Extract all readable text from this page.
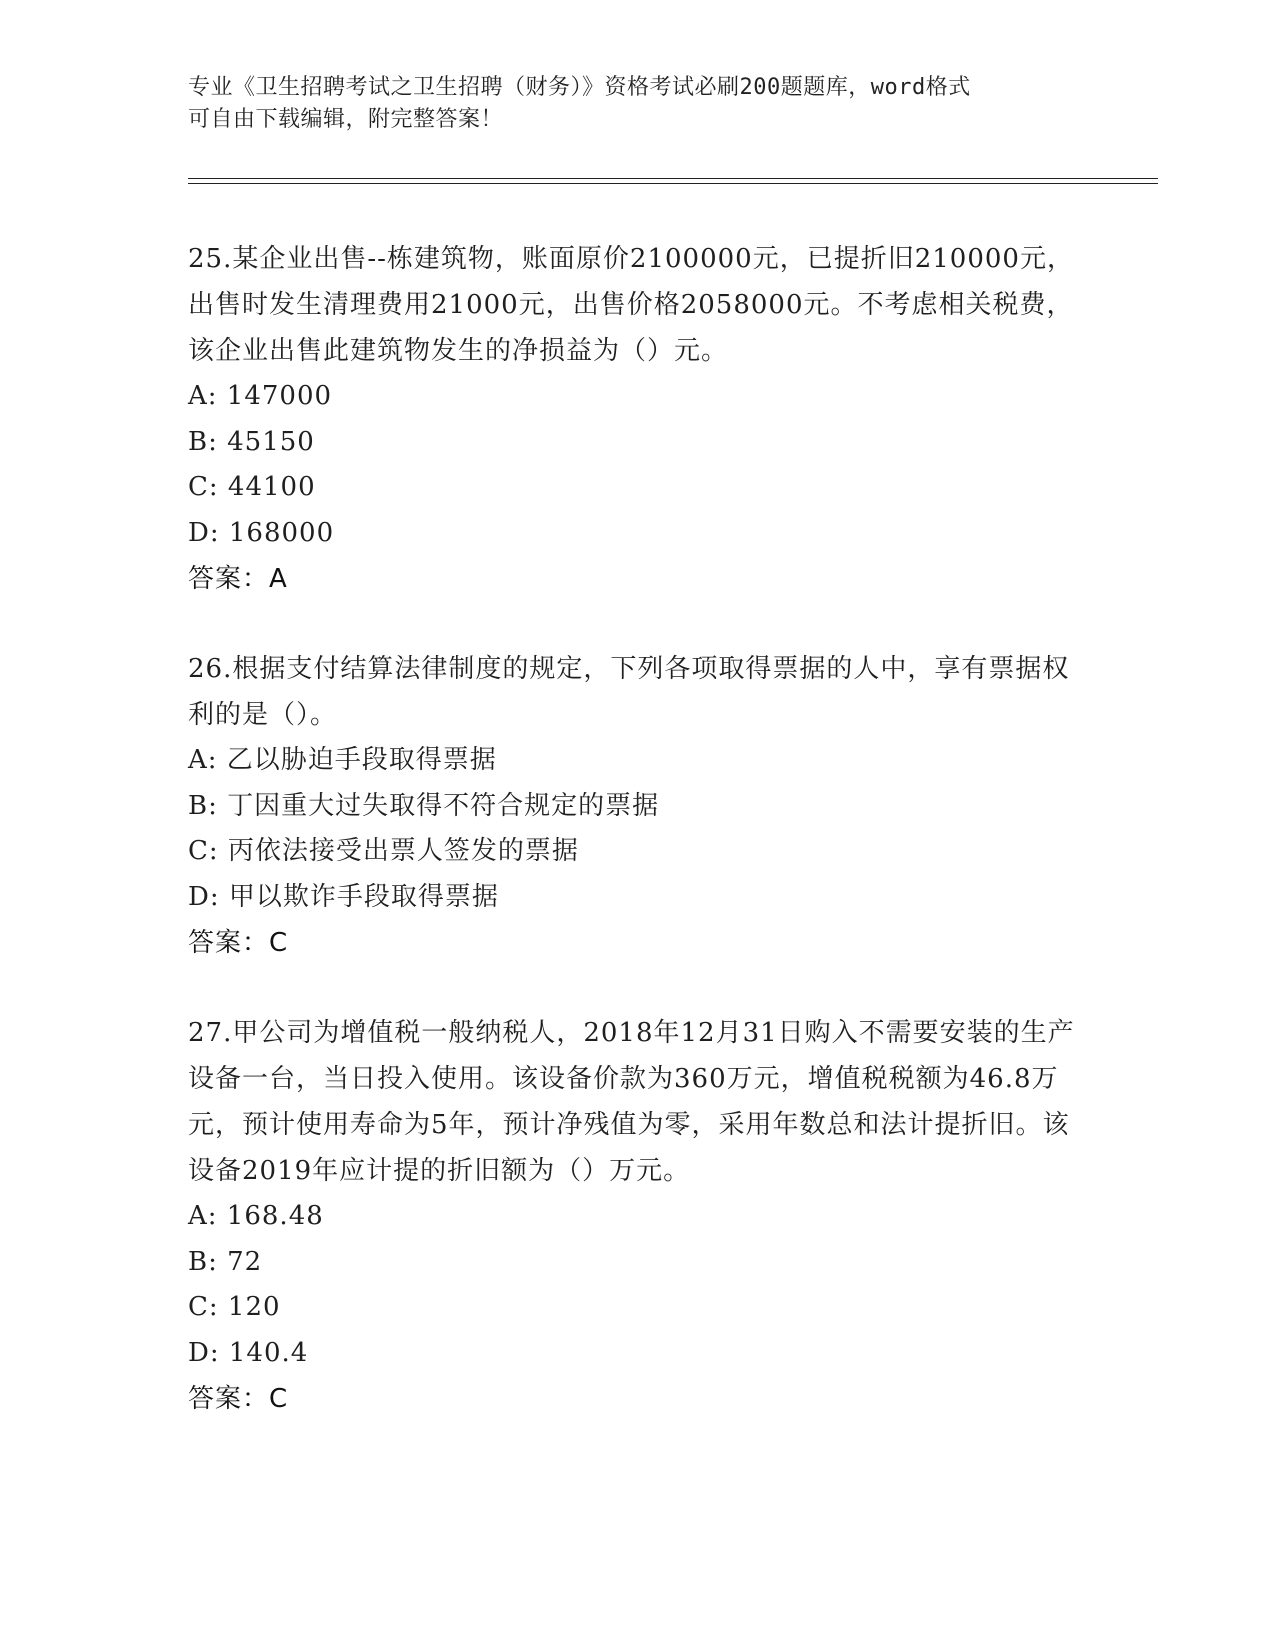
专业《卫生招聘考试之卫生招聘（财务）》资格考试必刷200题题库，word格式
可自由下载编辑，附完整答案！

25.某企业出售--栋建筑物，账面原价2100000元，已提折旧210000元，出售时发生清理费用21000元，出售价格2058000元。不考虑相关税费，该企业出售此建筑物发生的净损益为（）元。

A: 147000
B: 45150
C: 44100
D: 168000
答案：A

26.根据支付结算法律制度的规定，下列各项取得票据的人中，享有票据权利的是（）。

A: 乙以胁迫手段取得票据
B: 丁因重大过失取得不符合规定的票据
C: 丙依法接受出票人签发的票据
D: 甲以欺诈手段取得票据
答案：C

27.甲公司为增值税一般纳税人，2018年12月31日购入不需要安装的生产设备一台，当日投入使用。该设备价款为360万元，增值税税额为46.8万元，预计使用寿命为5年，预计净残值为零，采用年数总和法计提折旧。该设备2019年应计提的折旧额为（）万元。

A: 168.48
B: 72
C: 120
D: 140.4
答案：C
